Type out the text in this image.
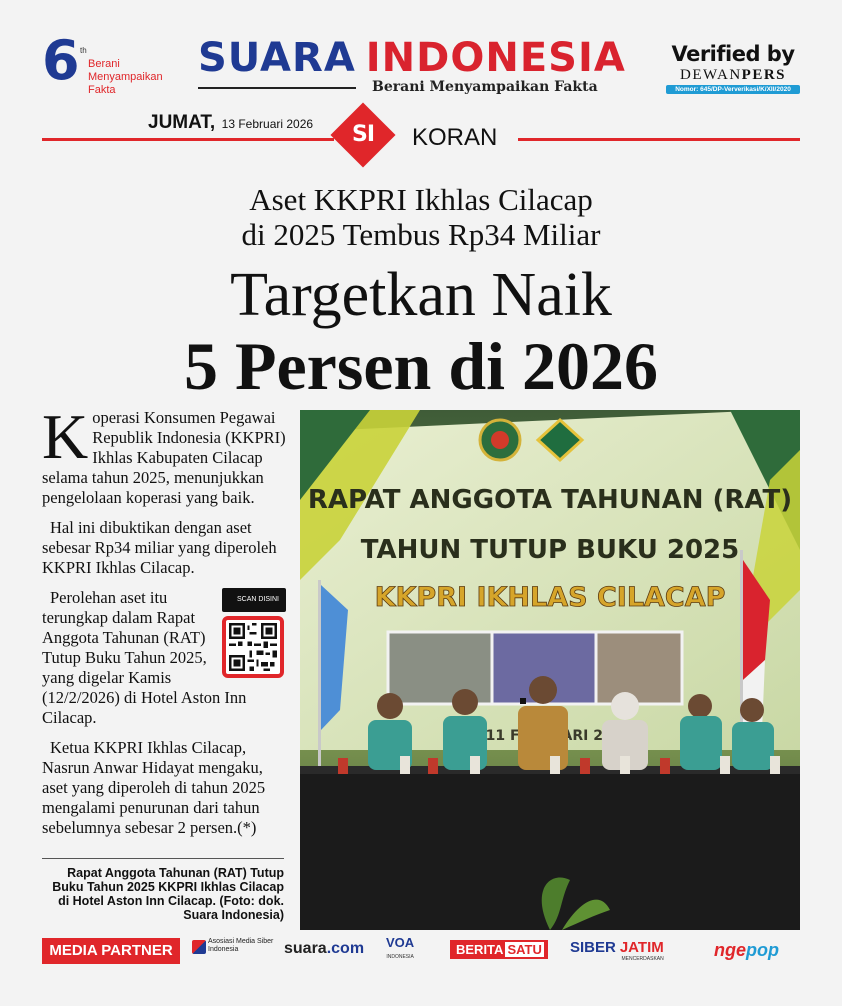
6 th
Berani Menyampaikan Fakta
SUARA INDONESIA
Berani Menyampaikan Fakta
Verified by
DEWANPERS
Nomor: 645/DP-Ververikasi/K/XII/2020
JUMAT, 13 Februari 2026	SI	KORAN
Aset KKPRI Ikhlas Cilacap
di 2025 Tembus Rp34 Miliar
Targetkan Naik
5 Persen di 2026

Koperasi Konsumen Pegawai Republik Indonesia (KKPRI) Ikhlas Kabupaten Cilacap selama tahun 2025, menunjukkan pengelolaan koperasi yang baik.

Hal ini dibuktikan dengan aset sebesar Rp34 miliar yang diperoleh KKPRI Ikhlas Cilacap.

SCAN DISINI
Perolehan aset itu terungkap dalam Rapat Anggota Tahunan (RAT) Tutup Buku Tahun 2025, yang digelar Kamis (12/2/2026) di Hotel Aston Inn Cilacap.

Ketua KKPRI Ikhlas Cilacap, Nasrun Anwar Hidayat mengaku, aset yang diperoleh di tahun 2025 mengalami penurunan dari tahun sebelumnya sebesar 2 persen.(*)

Rapat Anggota Tahunan (RAT) Tutup Buku Tahun 2025 KKPRI Ikhlas Cilacap di Hotel Aston Inn Cilacap. (Foto: dok. Suara Indonesia)
RAPAT ANGGOTA TAHUNAN (RAT)
TAHUN TUTUP BUKU 2025
KKPRI IKHLAS CILACAP
11
MEDIA PARTNER
Asosiasi Media Siber Indonesia	suara.com VOA
INDONESIA	BERITA SATU	SIBER JATIM
MENCERDASKAN	ngepop
